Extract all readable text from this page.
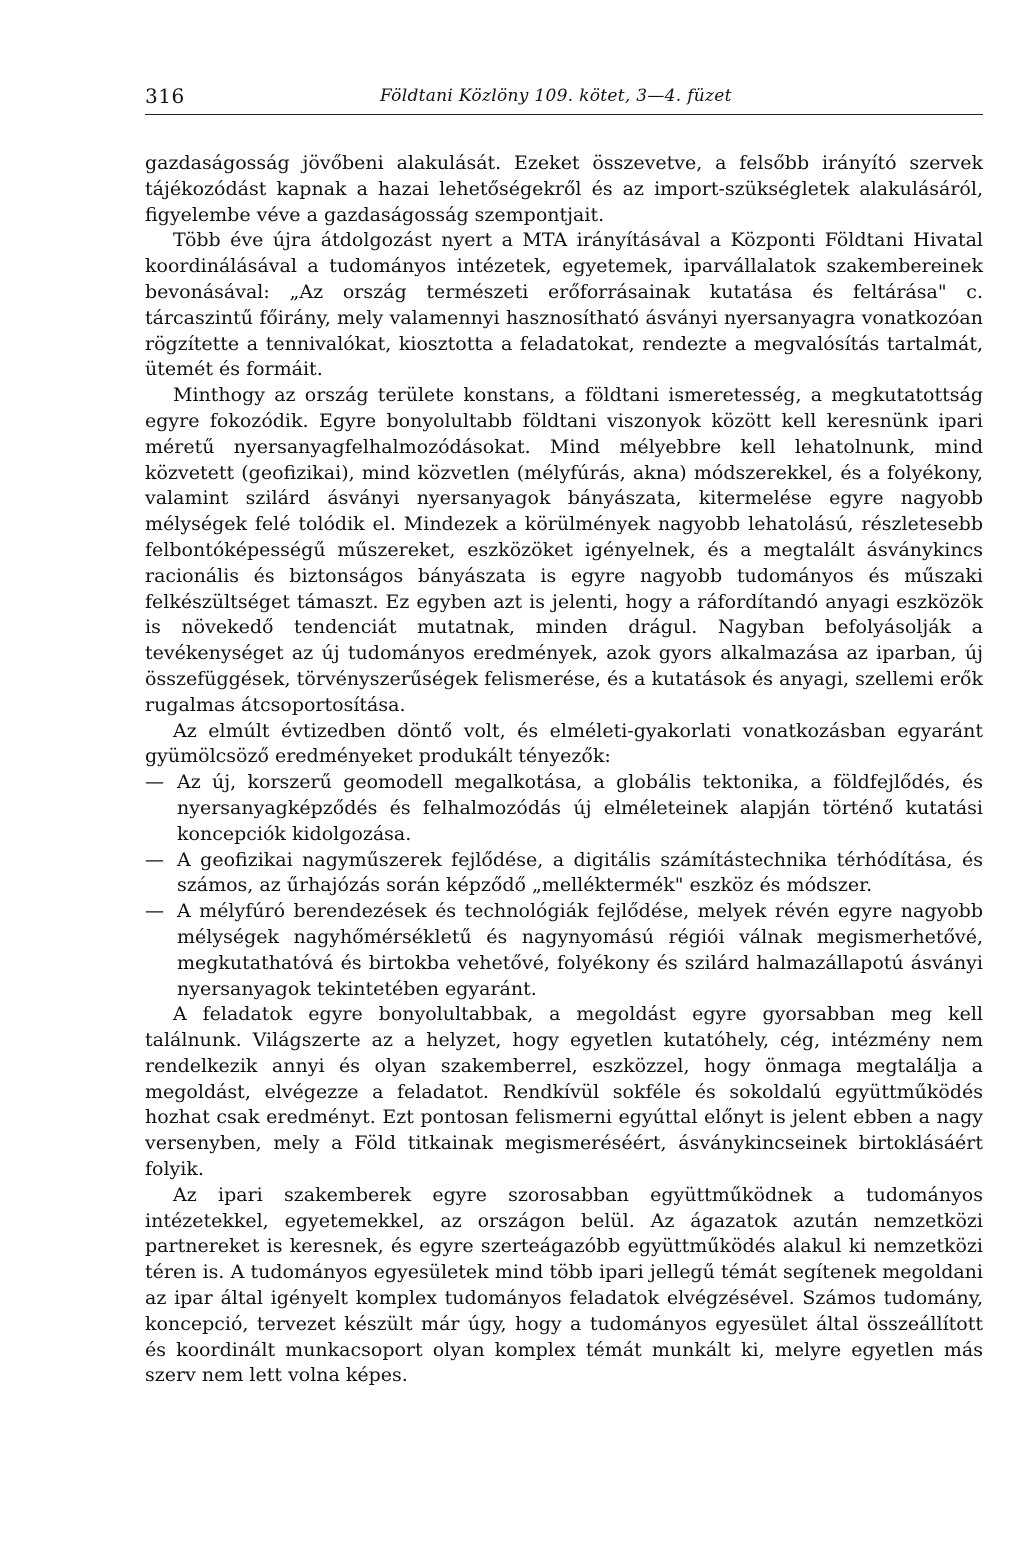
316	Földtani Közlöny 109. kötet, 3—4. füzet

gazdaságosság jövőbeni alakulását. Ezeket összevetve, a felsőbb irányító szervek tájékozódást kapnak a hazai lehetőségekről és az import-szükségletek alakulásáról, figyelembe véve a gazdaságosság szempontjait.

Több éve újra átdolgozást nyert a MTA irányításával a Központi Földtani Hivatal koordinálásával a tudományos intézetek, egyetemek, iparvállalatok szakembereinek bevonásával: „Az ország természeti erőforrásainak kutatása és feltárása" c. tárcaszintű főirány, mely valamennyi hasznosítható ásványi nyersanyagra vonatkozóan rögzítette a tennivalókat, kiosztotta a feladatokat, rendezte a megvalósítás tartalmát, ütemét és formáit.

Minthogy az ország területe konstans, a földtani ismeretesség, a megkutatottság egyre fokozódik. Egyre bonyolultabb földtani viszonyok között kell keresnünk ipari méretű nyersanyagfelhalmozódásokat. Mind mélyebbre kell lehatolnunk, mind közvetett (geofizikai), mind közvetlen (mélyfúrás, akna) módszerekkel, és a folyékony, valamint szilárd ásványi nyersanyagok bányászata, kitermelése egyre nagyobb mélységek felé tolódik el. Mindezek a körülmények nagyobb lehatolású, részletesebb felbontóképességű műszereket, eszközöket igényelnek, és a megtalált ásványkincs racionális és biztonságos bányászata is egyre nagyobb tudományos és műszaki felkészültséget támaszt. Ez egyben azt is jelenti, hogy a ráfordítandó anyagi eszközök is növekedő tendenciát mutatnak, minden drágul. Nagyban befolyásolják a tevékenységet az új tudományos eredmények, azok gyors alkalmazása az iparban, új összefüggések, törvényszerűségek felismerése, és a kutatások és anyagi, szellemi erők rugalmas átcsoportosítása.

Az elmúlt évtizedben döntő volt, és elméleti-gyakorlati vonatkozásban egyaránt gyümölcsöző eredményeket produkált tényezők:

— Az új, korszerű geomodell megalkotása, a globális tektonika, a földfejlődés, és nyersanyagképződés és felhalmozódás új elméleteinek alapján történő kutatási koncepciók kidolgozása.
— A geofizikai nagyműszerek fejlődése, a digitális számítástechnika térhódítása, és számos, az űrhajózás során képződő „melléktermék" eszköz és módszer.
— A mélyfúró berendezések és technológiák fejlődése, melyek révén egyre nagyobb mélységek nagyhőmérsékletű és nagynyomású régiói válnak megismerhetővé, megkutathatóvá és birtokba vehetővé, folyékony és szilárd halmazállapotú ásványi nyersanyagok tekintetében egyaránt.

A feladatok egyre bonyolultabbak, a megoldást egyre gyorsabban meg kell találnunk. Világszerte az a helyzet, hogy egyetlen kutatóhely, cég, intézmény nem rendelkezik annyi és olyan szakemberrel, eszközzel, hogy önmaga megtalálja a megoldást, elvégezze a feladatot. Rendkívül sokféle és sokoldalú együttműködés hozhat csak eredményt. Ezt pontosan felismerni egyúttal előnyt is jelent ebben a nagy versenyben, mely a Föld titkainak megismeréséért, ásványkincseinek birtoklásáért folyik.

Az ipari szakemberek egyre szorosabban együttműködnek a tudományos intézetekkel, egyetemekkel, az országon belül. Az ágazatok azután nemzetközi partnereket is keresnek, és egyre szerteágazóbb együttműködés alakul ki nemzetközi téren is. A tudományos egyesületek mind több ipari jellegű témát segítenek megoldani az ipar által igényelt komplex tudományos feladatok elvégzésével. Számos tudomány, koncepció, tervezet készült már úgy, hogy a tudományos egyesület által összeállított és koordinált munkacsoport olyan komplex témát munkált ki, melyre egyetlen más szerv nem lett volna képes.
